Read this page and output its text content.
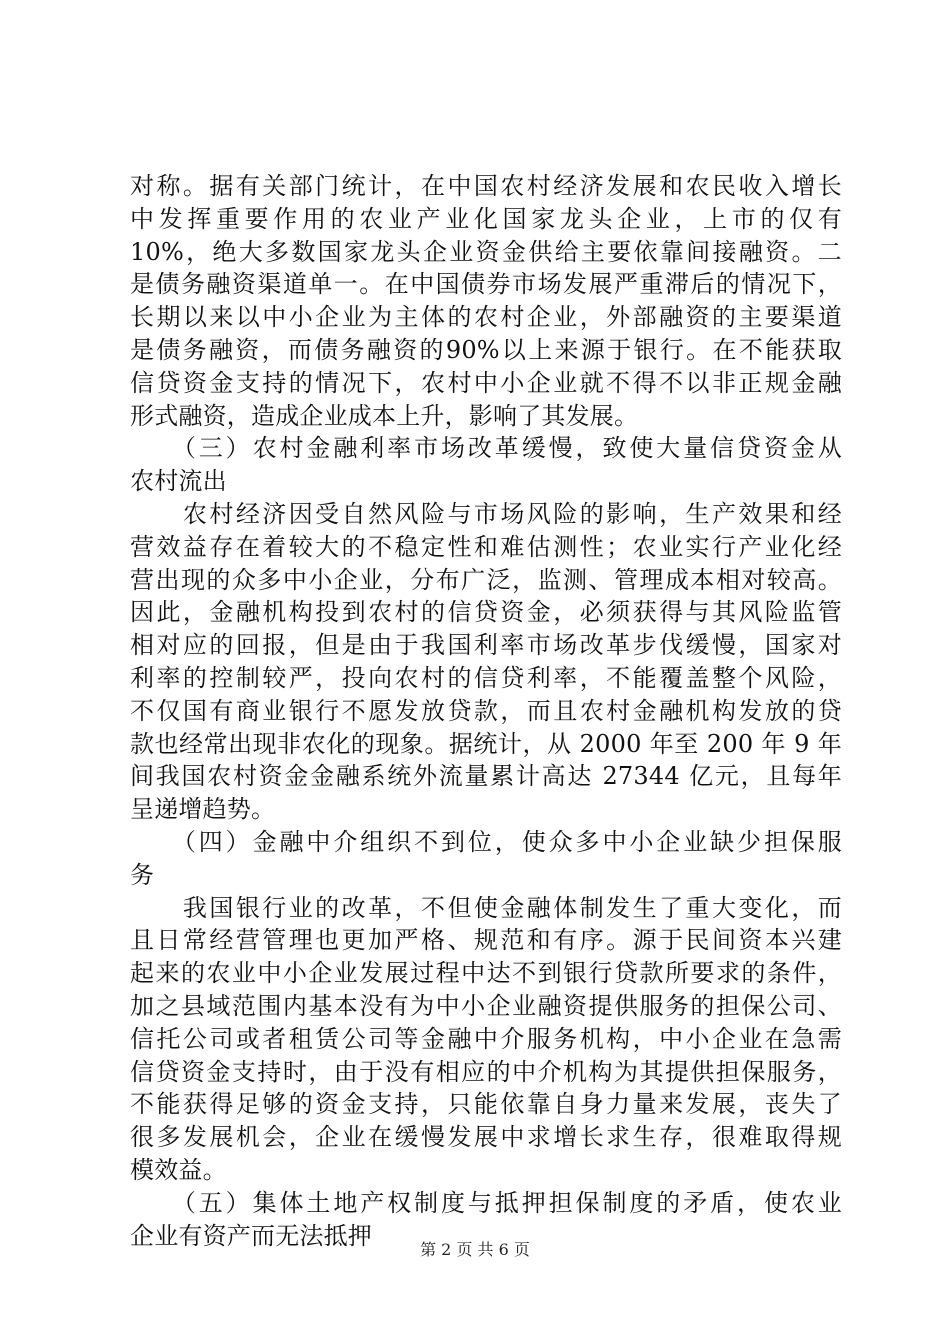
对称。据有关部门统计，在中国农村经济发展和农民收入增长
中发挥重要作用的农业产业化国家龙头企业，上市的仅有
10%，绝大多数国家龙头企业资金供给主要依靠间接融资。二
是债务融资渠道单一。在中国债券市场发展严重滞后的情况下，
长期以来以中小企业为主体的农村企业，外部融资的主要渠道
是债务融资，而债务融资的90%以上来源于银行。在不能获取
信贷资金支持的情况下，农村中小企业就不得不以非正规金融
形式融资，造成企业成本上升，影响了其发展。
　　（三）农村金融利率市场改革缓慢，致使大量信贷资金从
农村流出
　　农村经济因受自然风险与市场风险的影响，生产效果和经
营效益存在着较大的不稳定性和难估测性；农业实行产业化经
营出现的众多中小企业，分布广泛，监测、管理成本相对较高。
因此，金融机构投到农村的信贷资金，必须获得与其风险监管
相对应的回报，但是由于我国利率市场改革步伐缓慢，国家对
利率的控制较严，投向农村的信贷利率，不能覆盖整个风险，
不仅国有商业银行不愿发放贷款，而且农村金融机构发放的贷
款也经常出现非农化的现象。据统计，从 2000 年至 200 年 9 年
间我国农村资金金融系统外流量累计高达 27344 亿元，且每年
呈递增趋势。
　　（四）金融中介组织不到位，使众多中小企业缺少担保服
务
　　我国银行业的改革，不但使金融体制发生了重大变化，而
且日常经营管理也更加严格、规范和有序。源于民间资本兴建
起来的农业中小企业发展过程中达不到银行贷款所要求的条件，
加之县域范围内基本没有为中小企业融资提供服务的担保公司、
信托公司或者租赁公司等金融中介服务机构，中小企业在急需
信贷资金支持时，由于没有相应的中介机构为其提供担保服务，
不能获得足够的资金支持，只能依靠自身力量来发展，丧失了
很多发展机会，企业在缓慢发展中求增长求生存，很难取得规
模效益。
　　（五）集体土地产权制度与抵押担保制度的矛盾，使农业
企业有资产而无法抵押	第 2 页 共 6 页
